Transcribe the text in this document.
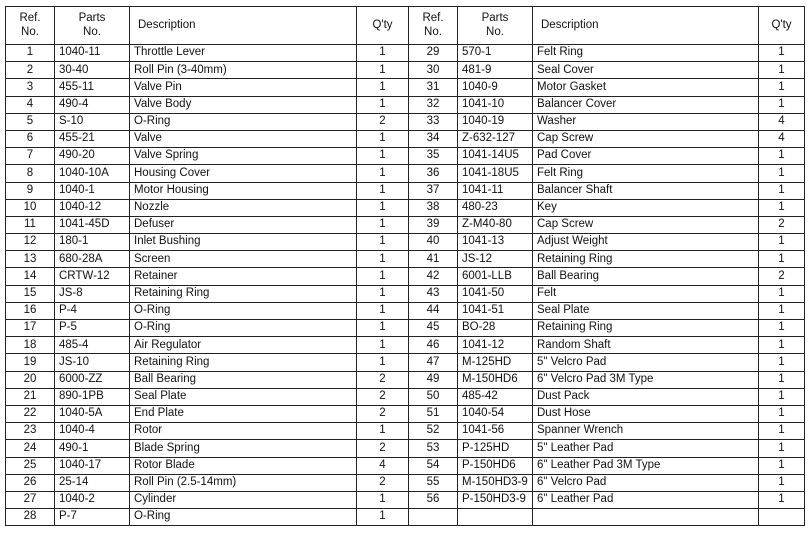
Ref.
No.	Parts
No.	Description	Q'ty	Ref.
No.	Parts
No.	Description	Q'ty
1	1040-11	Throttle Lever	1	29	570-1	Felt Ring	1
2	30-40	Roll Pin (3-40mm)	1	30	481-9	Seal Cover	1
3	455-11	Valve Pin	1	31	1040-9	Motor Gasket	1
4	490-4	Valve Body	1	32	1041-10	Balancer Cover	1
5	S-10	O-Ring	2	33	1040-19	Washer	4
6	455-21	Valve	1	34	Z-632-127	Cap Screw	4
7	490-20	Valve Spring	1	35	1041-14U5	Pad Cover	1
8	1040-10A	Housing Cover	1	36	1041-18U5	Felt Ring	1
9	1040-1	Motor Housing	1	37	1041-11	Balancer Shaft	1
10	1040-12	Nozzle	1	38	480-23	Key	1
11	1041-45D	Defuser	1	39	Z-M40-80	Cap Screw	2
12	180-1	Inlet Bushing	1	40	1041-13	Adjust Weight	1
13	680-28A	Screen	1	41	JS-12	Retaining Ring	1
14	CRTW-12	Retainer	1	42	6001-LLB	Ball Bearing	2
15	JS-8	Retaining Ring	1	43	1041-50	Felt	1
16	P-4	O-Ring	1	44	1041-51	Seal Plate	1
17	P-5	O-Ring	1	45	BO-28	Retaining Ring	1
18	485-4	Air Regulator	1	46	1041-12	Random Shaft	1
19	JS-10	Retaining Ring	1	47	M-125HD	5" Velcro Pad	1
20	6000-ZZ	Ball Bearing	2	49	M-150HD6	6" Velcro Pad 3M Type	1
21	890-1PB	Seal Plate	2	50	485-42	Dust Pack	1
22	1040-5A	End Plate	2	51	1040-54	Dust Hose	1
23	1040-4	Rotor	1	52	1041-56	Spanner Wrench	1
24	490-1	Blade Spring	2	53	P-125HD	5" Leather Pad	1
25	1040-17	Rotor Blade	4	54	P-150HD6	6" Leather Pad 3M Type	1
26	25-14	Roll Pin (2.5-14mm)	2	55	M-150HD3-9	6" Velcro Pad	1
27	1040-2	Cylinder	1	56	P-150HD3-9	6" Leather Pad	1
28	P-7	O-Ring	1				
